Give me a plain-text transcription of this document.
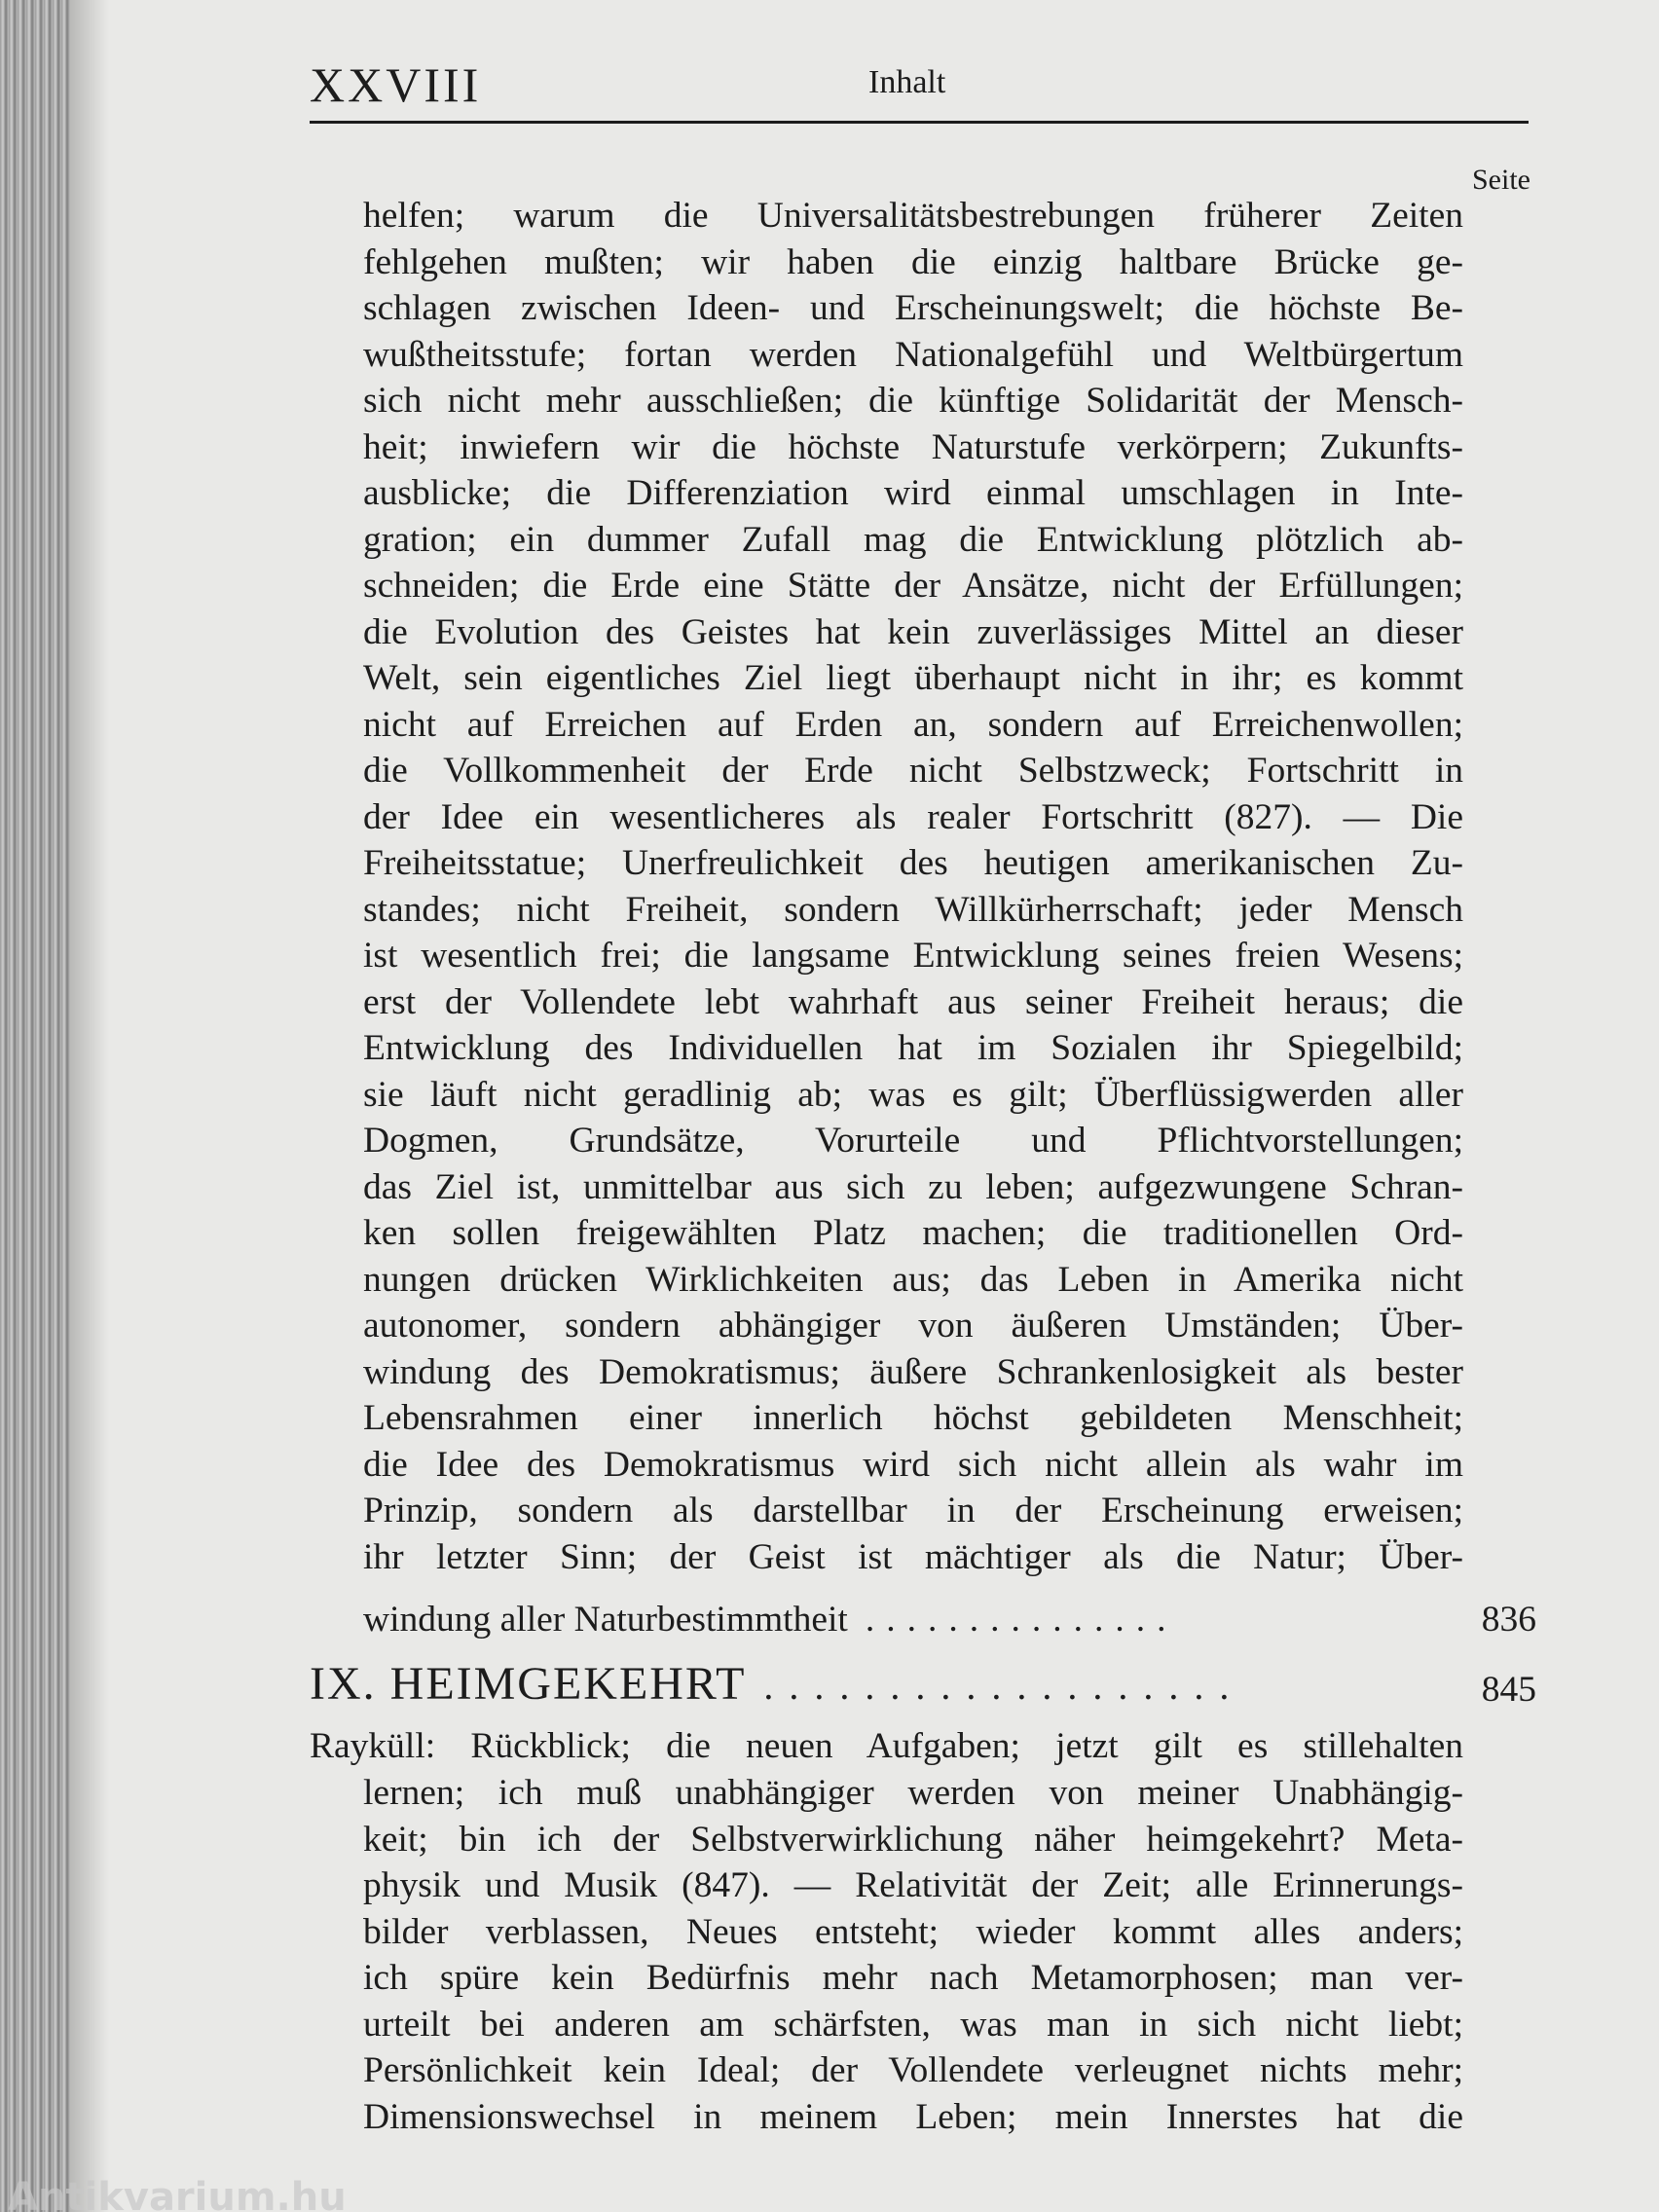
XXVIII	Inhalt
Seite
helfen; warum die Universalitätsbestrebungen früherer Zeiten
fehlgehen mußten; wir haben die einzig haltbare Brücke ge-
schlagen zwischen Ideen- und Erscheinungswelt; die höchste Be-
wußtheitsstufe; fortan werden Nationalgefühl und Weltbürgertum
sich nicht mehr ausschließen; die künftige Solidarität der Mensch-
heit; inwiefern wir die höchste Naturstufe verkörpern; Zukunfts-
ausblicke; die Differenziation wird einmal umschlagen in Inte-
gration; ein dummer Zufall mag die Entwicklung plötzlich ab-
schneiden; die Erde eine Stätte der Ansätze, nicht der Erfüllungen;
die Evolution des Geistes hat kein zuverlässiges Mittel an dieser
Welt, sein eigentliches Ziel liegt überhaupt nicht in ihr; es kommt
nicht auf Erreichen auf Erden an, sondern auf Erreichenwollen;
die Vollkommenheit der Erde nicht Selbstzweck; Fortschritt in
der Idee ein wesentlicheres als realer Fortschritt (827). — Die
Freiheitsstatue; Unerfreulichkeit des heutigen amerikanischen Zu-
standes; nicht Freiheit, sondern Willkürherrschaft; jeder Mensch
ist wesentlich frei; die langsame Entwicklung seines freien Wesens;
erst der Vollendete lebt wahrhaft aus seiner Freiheit heraus; die
Entwicklung des Individuellen hat im Sozialen ihr Spiegelbild;
sie läuft nicht geradlinig ab; was es gilt; Überflüssigwerden aller
Dogmen, Grundsätze, Vorurteile und Pflichtvorstellungen;
das Ziel ist, unmittelbar aus sich zu leben; aufgezwungene Schran-
ken sollen freigewählten Platz machen; die traditionellen Ord-
nungen drücken Wirklichkeiten aus; das Leben in Amerika nicht
autonomer, sondern abhängiger von äußeren Umständen; Über-
windung des Demokratismus; äußere Schrankenlosigkeit als bester
Lebensrahmen einer innerlich höchst gebildeten Menschheit;
die Idee des Demokratismus wird sich nicht allein als wahr im
Prinzip, sondern als darstellbar in der Erscheinung erweisen;
ihr letzter Sinn; der Geist ist mächtiger als die Natur; Über-
windung aller Naturbestimmtheit ...............	836
IX. HEIMGEKEHRT ...................	845
Rayküll: Rückblick; die neuen Aufgaben; jetzt gilt es stillehalten
lernen; ich muß unabhängiger werden von meiner Unabhängig-
keit; bin ich der Selbstverwirklichung näher heimgekehrt? Meta-
physik und Musik (847). — Relativität der Zeit; alle Erinnerungs-
bilder verblassen, Neues entsteht; wieder kommt alles anders;
ich spüre kein Bedürfnis mehr nach Metamorphosen; man ver-
urteilt bei anderen am schärfsten, was man in sich nicht liebt;
Persönlichkeit kein Ideal; der Vollendete verleugnet nichts mehr;
Dimensionswechsel in meinem Leben; mein Innerstes hat die
Antikvarium.hu
